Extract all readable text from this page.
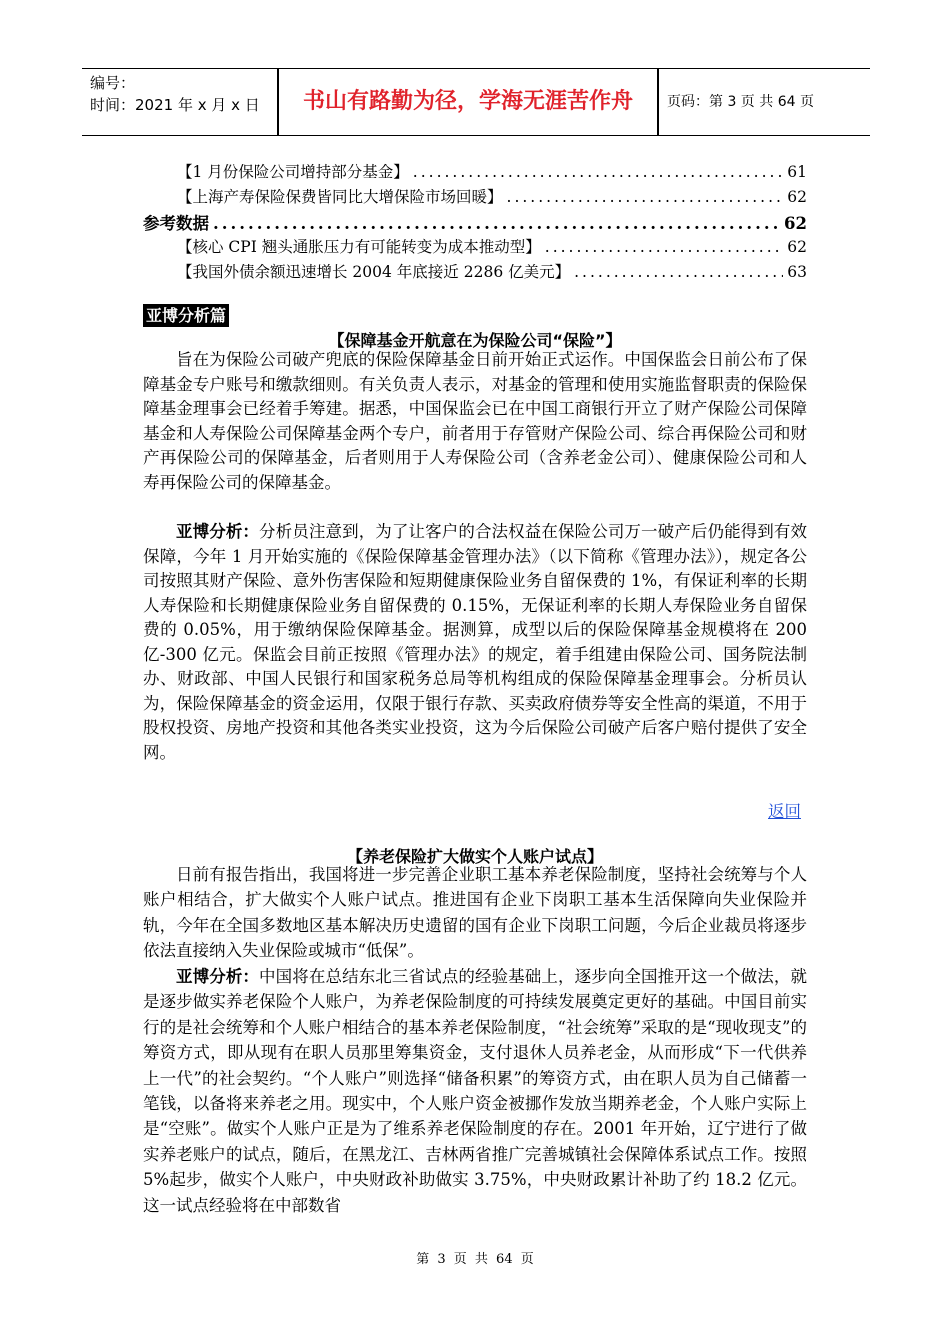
编号：
时间：2021 年 x 月 x 日	书山有路勤为径，学海无涯苦作舟	页码：第 3 页 共 64 页
【1 月份保险公司增持部分基金】 .....	61
【上海产寿保险保费皆同比大增保险市场回暖】 .....	62
参考数据 .....	62
【核心 CPI 翘头通胀压力有可能转变为成本推动型】 .....	62
【我国外债余额迅速增长 2004 年底接近 2286 亿美元】 .....	63
亚博分析篇
【保障基金开航意在为保险公司“保险”】

旨在为保险公司破产兜底的保险保障基金日前开始正式运作。中国保监会日前公布了保障基金专户账号和缴款细则。有关负责人表示，对基金的管理和使用实施监督职责的保险保障基金理事会已经着手筹建。据悉，中国保监会已在中国工商银行开立了财产保险公司保障基金和人寿保险公司保障基金两个专户，前者用于存管财产保险公司、综合再保险公司和财产再保险公司的保障基金，后者则用于人寿保险公司（含养老金公司）、健康保险公司和人寿再保险公司的保障基金。

亚博分析：分析员注意到，为了让客户的合法权益在保险公司万一破产后仍能得到有效保障，今年 1 月开始实施的《保险保障基金管理办法》（以下简称《管理办法》），规定各公司按照其财产保险、意外伤害保险和短期健康保险业务自留保费的 1%，有保证利率的长期人寿保险和长期健康保险业务自留保费的 0.15%，无保证利率的长期人寿保险业务自留保费的 0.05%，用于缴纳保险保障基金。据测算，成型以后的保险保障基金规模将在 200 亿-300 亿元。保监会目前正按照《管理办法》的规定，着手组建由保险公司、国务院法制办、财政部、中国人民银行和国家税务总局等机构组成的保险保障基金理事会。分析员认为，保险保障基金的资金运用，仅限于银行存款、买卖政府债券等安全性高的渠道，不用于股权投资、房地产投资和其他各类实业投资，这为今后保险公司破产后客户赔付提供了安全网。

返回
【养老保险扩大做实个人账户试点】

日前有报告指出，我国将进一步完善企业职工基本养老保险制度，坚持社会统筹与个人账户相结合，扩大做实个人账户试点。推进国有企业下岗职工基本生活保障向失业保险并轨，今年在全国多数地区基本解决历史遗留的国有企业下岗职工问题，今后企业裁员将逐步依法直接纳入失业保险或城市“低保”。

亚博分析：中国将在总结东北三省试点的经验基础上，逐步向全国推开这一个做法，就是逐步做实养老保险个人账户，为养老保险制度的可持续发展奠定更好的基础。中国目前实行的是社会统筹和个人账户相结合的基本养老保险制度，“社会统筹”采取的是“现收现支”的筹资方式，即从现有在职人员那里筹集资金，支付退休人员养老金，从而形成“下一代供养上一代”的社会契约。“个人账户”则选择“储备积累”的筹资方式，由在职人员为自己储蓄一笔钱，以备将来养老之用。现实中，个人账户资金被挪作发放当期养老金，个人账户实际上是“空账”。做实个人账户正是为了维系养老保险制度的存在。2001 年开始，辽宁进行了做实养老账户的试点，随后，在黑龙江、吉林两省推广完善城镇社会保障体系试点工作。按照 5%起步，做实个人账户，中央财政补助做实 3.75%，中央财政累计补助了约 18.2 亿元。这一试点经验将在中部数省

第 3 页 共 64 页
